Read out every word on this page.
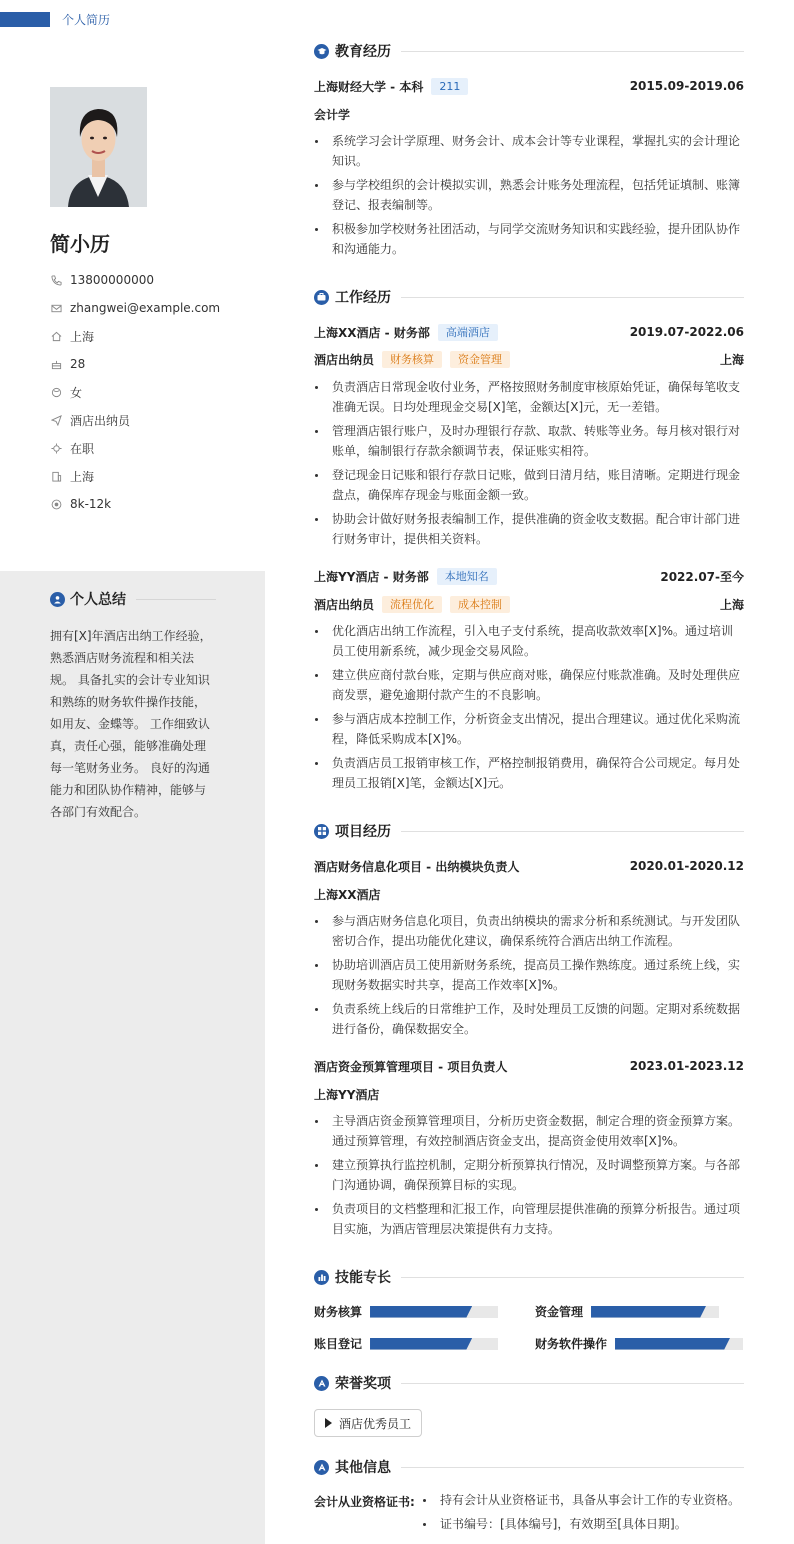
个人简历
简小历
13800000000
zhangwei@example.com
上海
28
女
酒店出纳员
在职
上海
8k-12k
个人总结
拥有[X]年酒店出纳工作经验，熟悉酒店财务流程和相关法规。 具备扎实的会计专业知识和熟练的财务软件操作技能，如用友、金蝶等。 工作细致认真，责任心强，能够准确处理每一笔财务业务。 良好的沟通能力和团队协作精神，能够与各部门有效配合。
教育经历
上海财经大学 - 本科	211	2015.09-2019.06
会计学
系统学习会计学原理、财务会计、成本会计等专业课程，掌握扎实的会计理论知识。
参与学校组织的会计模拟实训，熟悉会计账务处理流程，包括凭证填制、账簿登记、报表编制等。
积极参加学校财务社团活动，与同学交流财务知识和实践经验，提升团队协作和沟通能力。
工作经历
上海XX酒店 - 财务部	高端酒店	2019.07-2022.06
酒店出纳员	财务核算	资金管理	上海
负责酒店日常现金收付业务，严格按照财务制度审核原始凭证，确保每笔收支准确无误。日均处理现金交易[X]笔，金额达[X]元，无一差错。
管理酒店银行账户，及时办理银行存款、取款、转账等业务。每月核对银行对账单，编制银行存款余额调节表，保证账实相符。
登记现金日记账和银行存款日记账，做到日清月结，账目清晰。定期进行现金盘点，确保库存现金与账面金额一致。
协助会计做好财务报表编制工作，提供准确的资金收支数据。配合审计部门进行财务审计，提供相关资料。
上海YY酒店 - 财务部	本地知名	2022.07-至今
酒店出纳员	流程优化	成本控制	上海
优化酒店出纳工作流程，引入电子支付系统，提高收款效率[X]%。通过培训员工使用新系统，减少现金交易风险。
建立供应商付款台账，定期与供应商对账，确保应付账款准确。及时处理供应商发票，避免逾期付款产生的不良影响。
参与酒店成本控制工作，分析资金支出情况，提出合理建议。通过优化采购流程，降低采购成本[X]%。
负责酒店员工报销审核工作，严格控制报销费用，确保符合公司规定。每月处理员工报销[X]笔，金额达[X]元。
项目经历
酒店财务信息化项目 - 出纳模块负责人	2020.01-2020.12
上海XX酒店
参与酒店财务信息化项目，负责出纳模块的需求分析和系统测试。与开发团队密切合作，提出功能优化建议，确保系统符合酒店出纳工作流程。
协助培训酒店员工使用新财务系统，提高员工操作熟练度。通过系统上线，实现财务数据实时共享，提高工作效率[X]%。
负责系统上线后的日常维护工作，及时处理员工反馈的问题。定期对系统数据进行备份，确保数据安全。
酒店资金预算管理项目 - 项目负责人	2023.01-2023.12
上海YY酒店
主导酒店资金预算管理项目，分析历史资金数据，制定合理的资金预算方案。通过预算管理，有效控制酒店资金支出，提高资金使用效率[X]%。
建立预算执行监控机制，定期分析预算执行情况，及时调整预算方案。与各部门沟通协调，确保预算目标的实现。
负责项目的文档整理和汇报工作，向管理层提供准确的预算分析报告。通过项目实施，为酒店管理层决策提供有力支持。
技能专长
财务核算	资金管理
账目登记	财务软件操作
荣誉奖项
酒店优秀员工
其他信息
会计从业资格证书:	持有会计从业资格证书，具备从事会计工作的专业资格。
证书编号：[具体编号]，有效期至[具体日期]。
